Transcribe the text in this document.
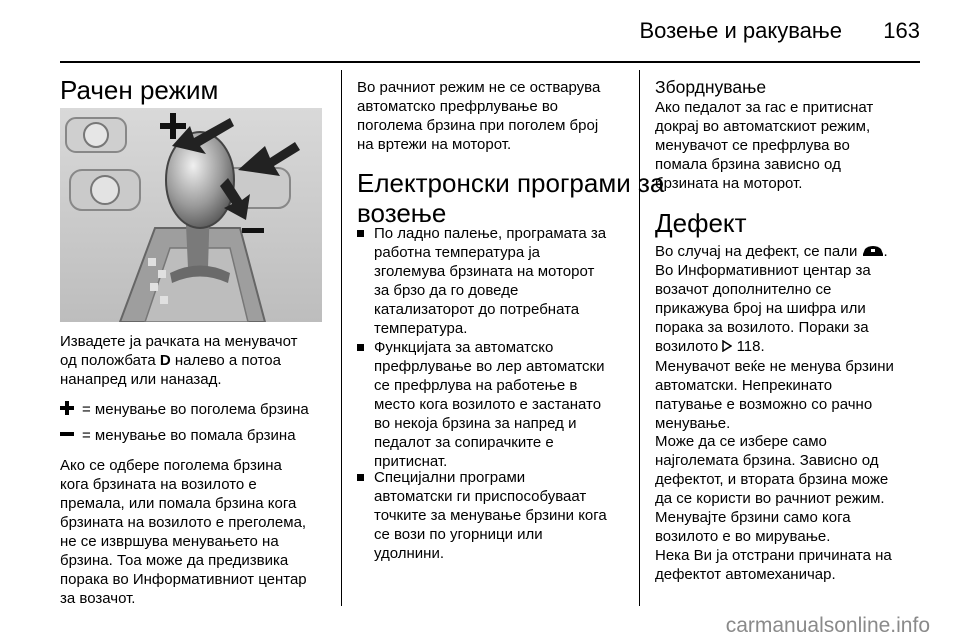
Возење и ракување 163
Рачен режим
Извадете ја рачката на менувачот
од положбата D налево а потоа
нанапред или наназад.
= менување во поголема брзина
= менување во помала брзина
Ако се одбере поголема брзина
кога брзината на возилото е
премала, или помала брзина кога
брзината на возилото е преголема,
не се извршува менувањето на
брзина. Тоа може да предизвика
порака во Информативниот центар
за возачот.
Во рачниот режим не се остварува
автоматско префрлување во
поголема брзина при поголем број
на вртежи на моторот.
Електронски програми за
возење
По ладно палење, програмата за
работна температура ја
зголемува брзината на моторот
за брзо да го доведе
катализаторот до потребната
температура.
Функцијата за автоматско
префрлување во лер автоматски
се префрлува на работење в
место кога возилото е застанато
во некоја брзина за напред и
педалот за сопирачките е
притиснат.
Специјални програми
автоматски ги приспособуваат
точките за менување брзини кога
се вози по угорници или
удолнини.
Зборднување
Ако педалот за гас е притиснат
докрај во автоматскиот режим,
менувачот се префрлува во
помала брзина зависно од
брзината на моторот.
Дефект
Во случај на дефект, се пали .
Во Информативниот центар за
возачот дополнително се
прикажува број на шифра или
порака за возилото. Пораки за
возилото  118.
Менувачот веќе не менува брзини
автоматски. Непрекинато
патување е возможно со рачно
менување.
Може да се избере само
најголемата брзина. Зависно од
дефектот, и втората брзина може
да се користи во рачниот режим.
Менувајте брзини само кога
возилото е во мирување.
Нека Ви ја отстрани причината на
дефектот автомеханичар.
carmanualsonline.info
